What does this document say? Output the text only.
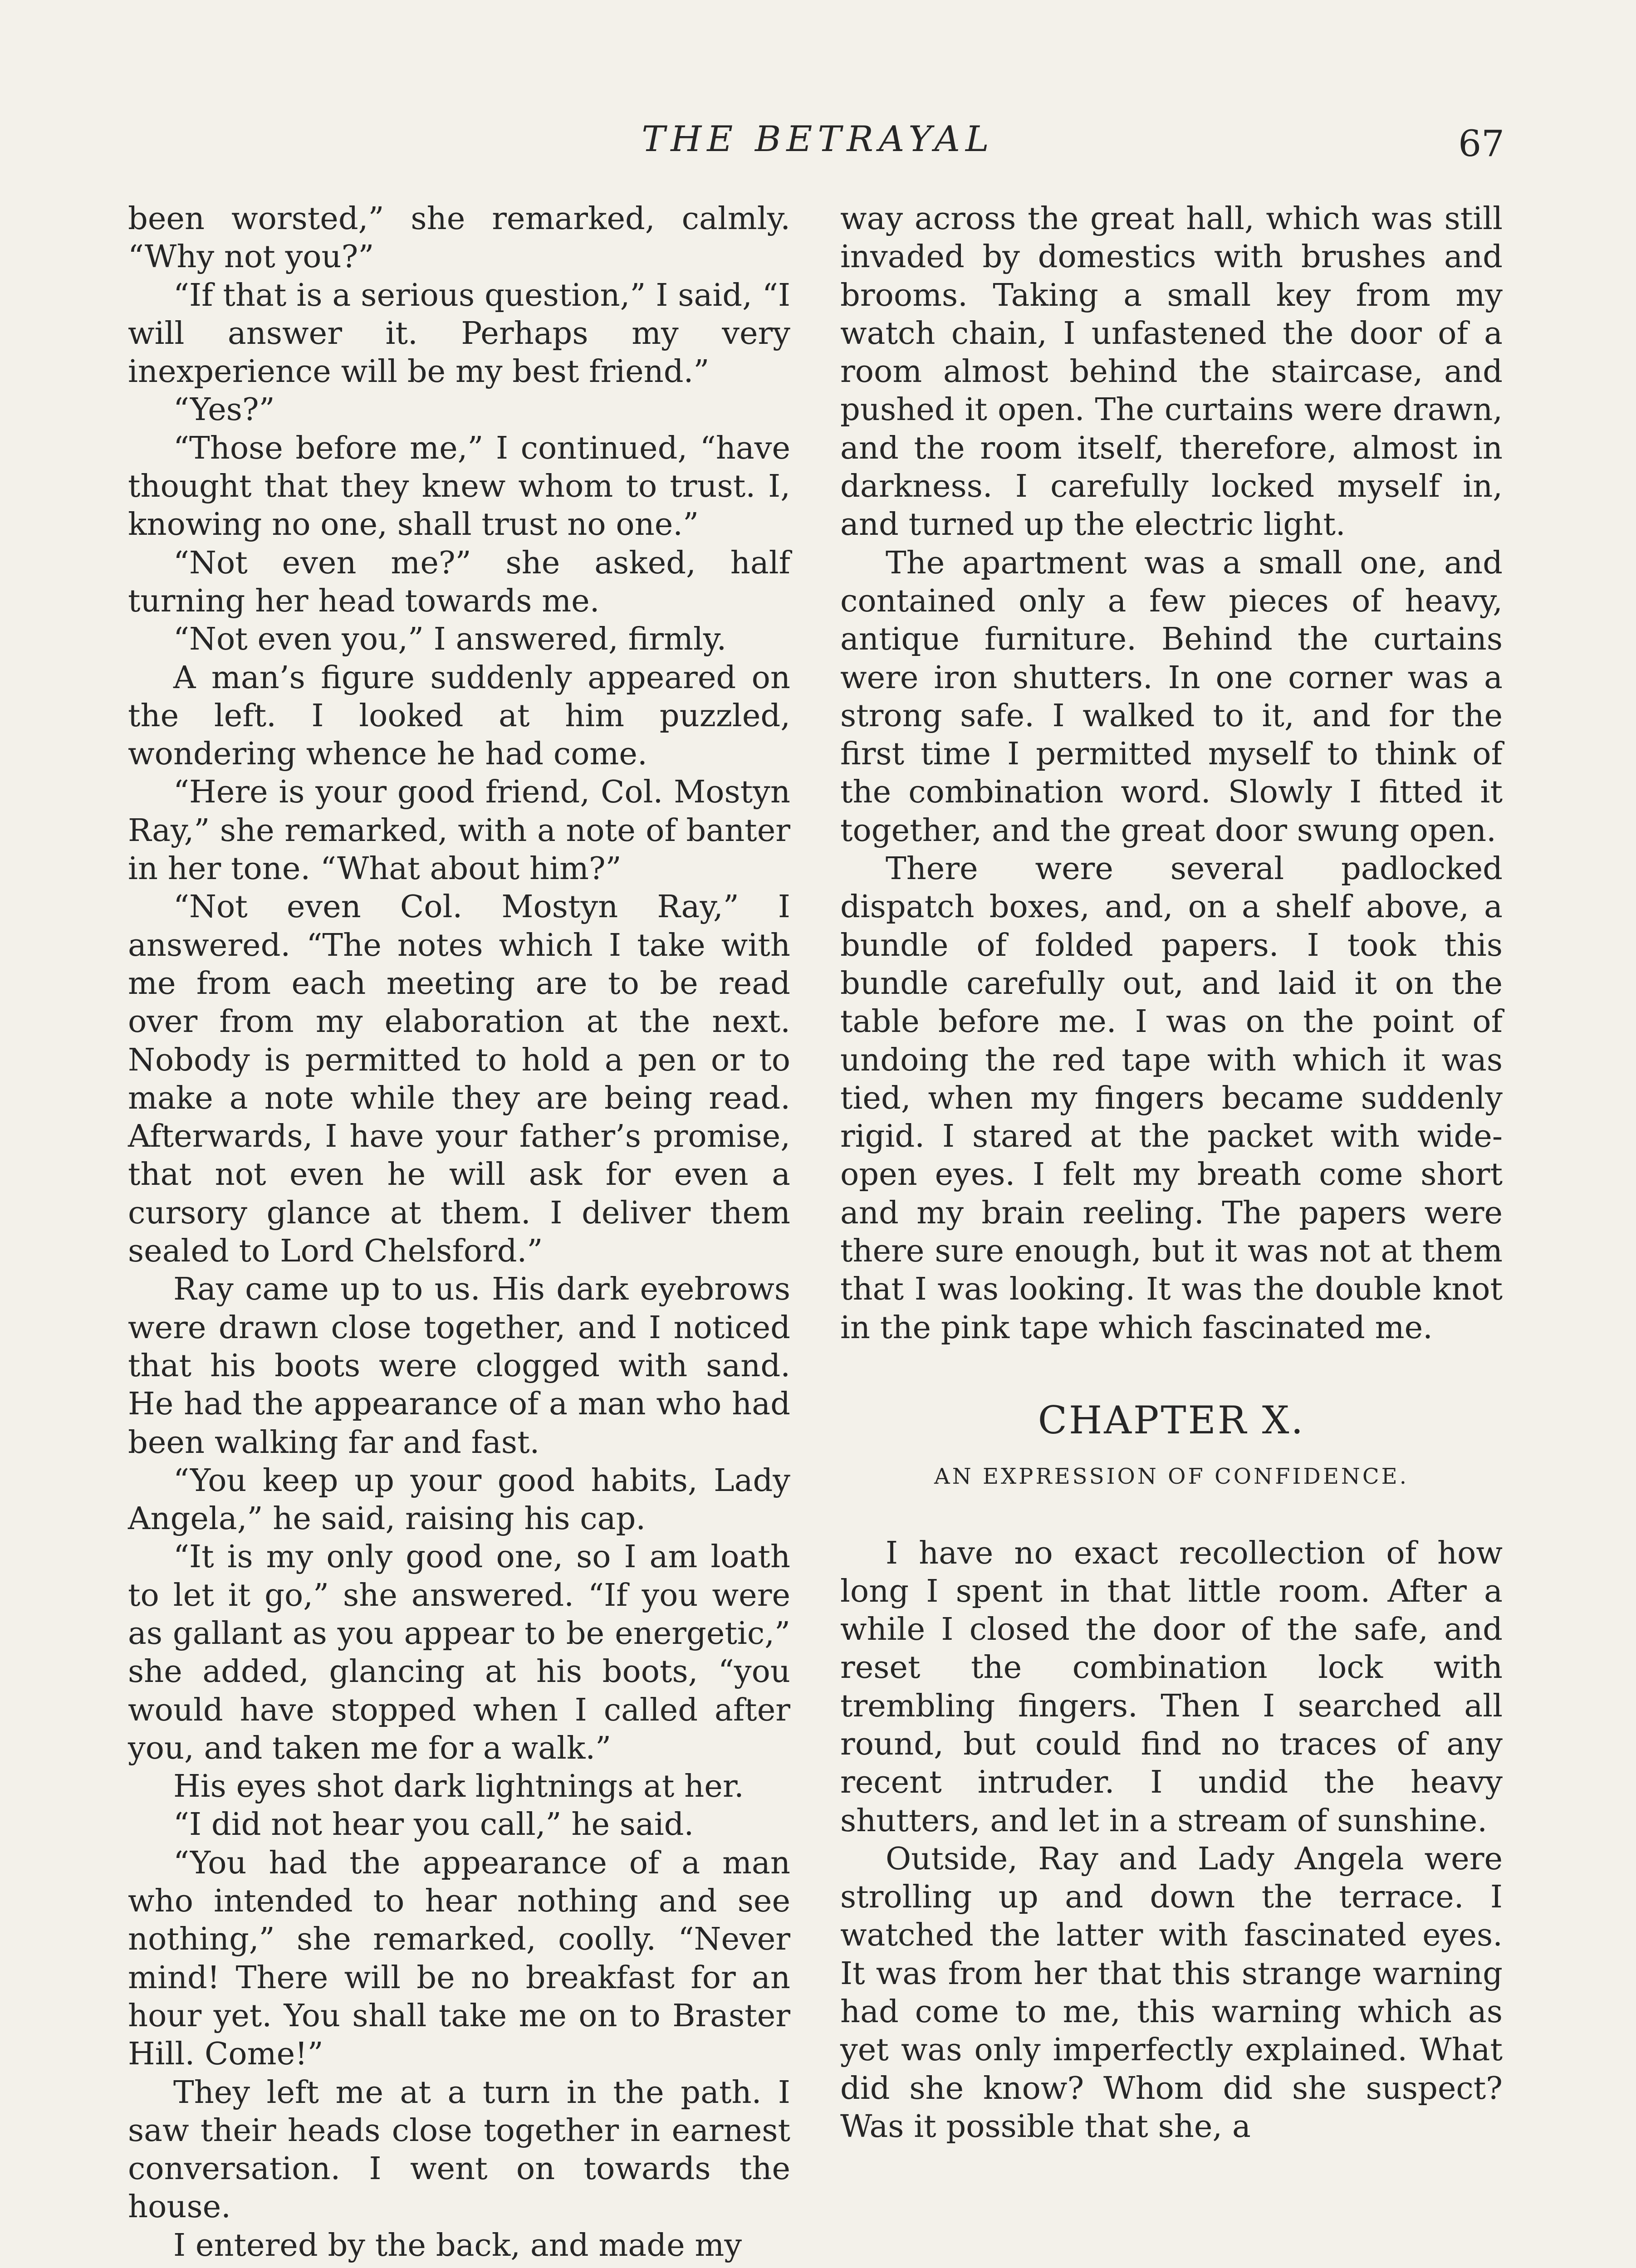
THE BETRAYAL	67

been worsted,” she remarked, calmly. “Why not you?”

“If that is a serious question,” I said, “I will answer it. Perhaps my very inexperience will be my best friend.”

“Yes?”

“Those before me,” I continued, “have thought that they knew whom to trust. I, knowing no one, shall trust no one.”

“Not even me?” she asked, half turning her head towards me.

“Not even you,” I answered, firmly.

A man’s figure suddenly appeared on the left. I looked at him puzzled, wondering whence he had come.

“Here is your good friend, Col. Mostyn Ray,” she remarked, with a note of banter in her tone. “What about him?”

“Not even Col. Mostyn Ray,” I answered. “The notes which I take with me from each meeting are to be read over from my elaboration at the next. Nobody is permitted to hold a pen or to make a note while they are being read. Afterwards, I have your father’s promise, that not even he will ask for even a cursory glance at them. I deliver them sealed to Lord Chelsford.”

Ray came up to us. His dark eyebrows were drawn close together, and I noticed that his boots were clogged with sand. He had the appearance of a man who had been walking far and fast.

“You keep up your good habits, Lady Angela,” he said, raising his cap.

“It is my only good one, so I am loath to let it go,” she answered. “If you were as gallant as you appear to be energetic,” she added, glancing at his boots, “you would have stopped when I called after you, and taken me for a walk.”

His eyes shot dark lightnings at her.

“I did not hear you call,” he said.

“You had the appearance of a man who intended to hear nothing and see nothing,” she remarked, coolly. “Never mind! There will be no breakfast for an hour yet. You shall take me on to Braster Hill. Come!”

They left me at a turn in the path. I saw their heads close together in earnest conversation. I went on towards the house.

I entered by the back, and made my

way across the great hall, which was still invaded by domestics with brushes and brooms. Taking a small key from my watch chain, I unfastened the door of a room almost behind the staircase, and pushed it open. The curtains were drawn, and the room itself, therefore, almost in darkness. I carefully locked myself in, and turned up the electric light.

The apartment was a small one, and contained only a few pieces of heavy, antique furniture. Behind the curtains were iron shutters. In one corner was a strong safe. I walked to it, and for the first time I permitted myself to think of the combination word. Slowly I fitted it together, and the great door swung open.

There were several padlocked dispatch boxes, and, on a shelf above, a bundle of folded papers. I took this bundle carefully out, and laid it on the table before me. I was on the point of undoing the red tape with which it was tied, when my fingers became suddenly rigid. I stared at the packet with wide-open eyes. I felt my breath come short and my brain reeling. The papers were there sure enough, but it was not at them that I was looking. It was the double knot in the pink tape which fascinated me.

CHAPTER X.
AN EXPRESSION OF CONFIDENCE.

I have no exact recollection of how long I spent in that little room. After a while I closed the door of the safe, and reset the combination lock with trembling fingers. Then I searched all round, but could find no traces of any recent intruder. I undid the heavy shutters, and let in a stream of sunshine.

Outside, Ray and Lady Angela were strolling up and down the terrace. I watched the latter with fascinated eyes. It was from her that this strange warning had come to me, this warning which as yet was only imperfectly explained. What did she know? Whom did she suspect? Was it possible that she, a
